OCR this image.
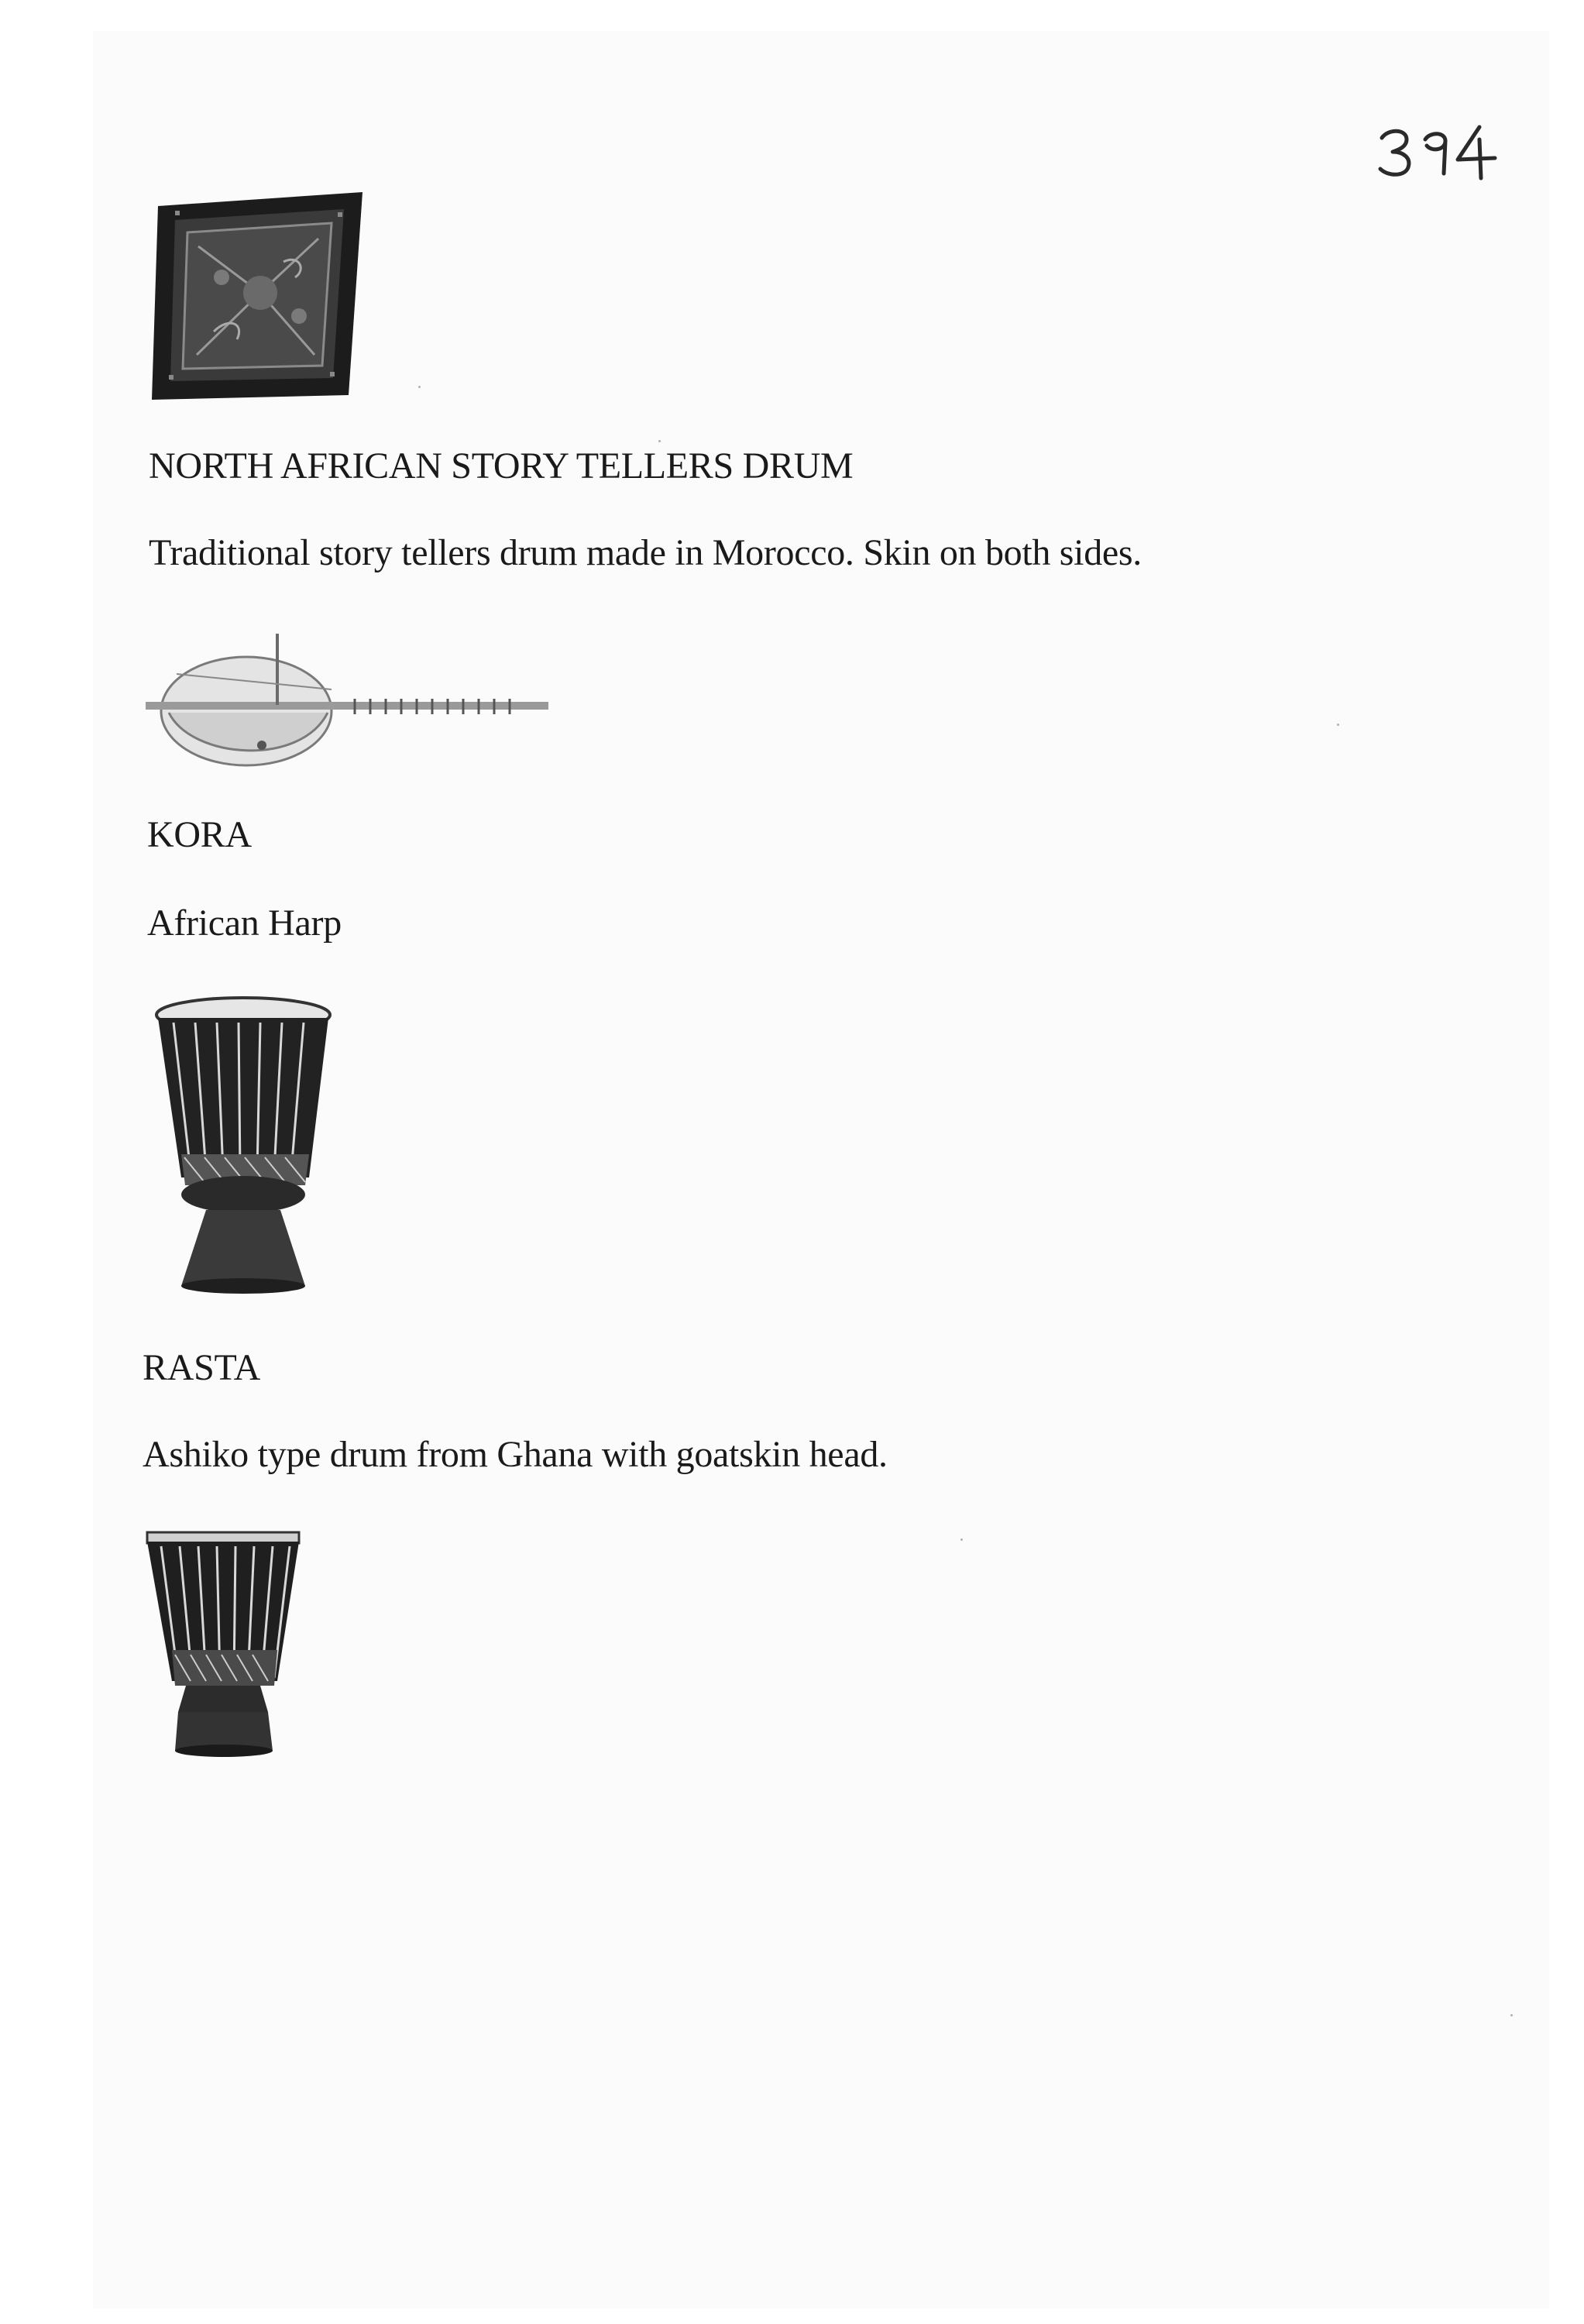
NORTH AFRICAN STORY TELLERS DRUM
Traditional story tellers drum made in Morocco. Skin on both sides.
KORA
African Harp
RASTA
Ashiko type drum from Ghana with goatskin head.
